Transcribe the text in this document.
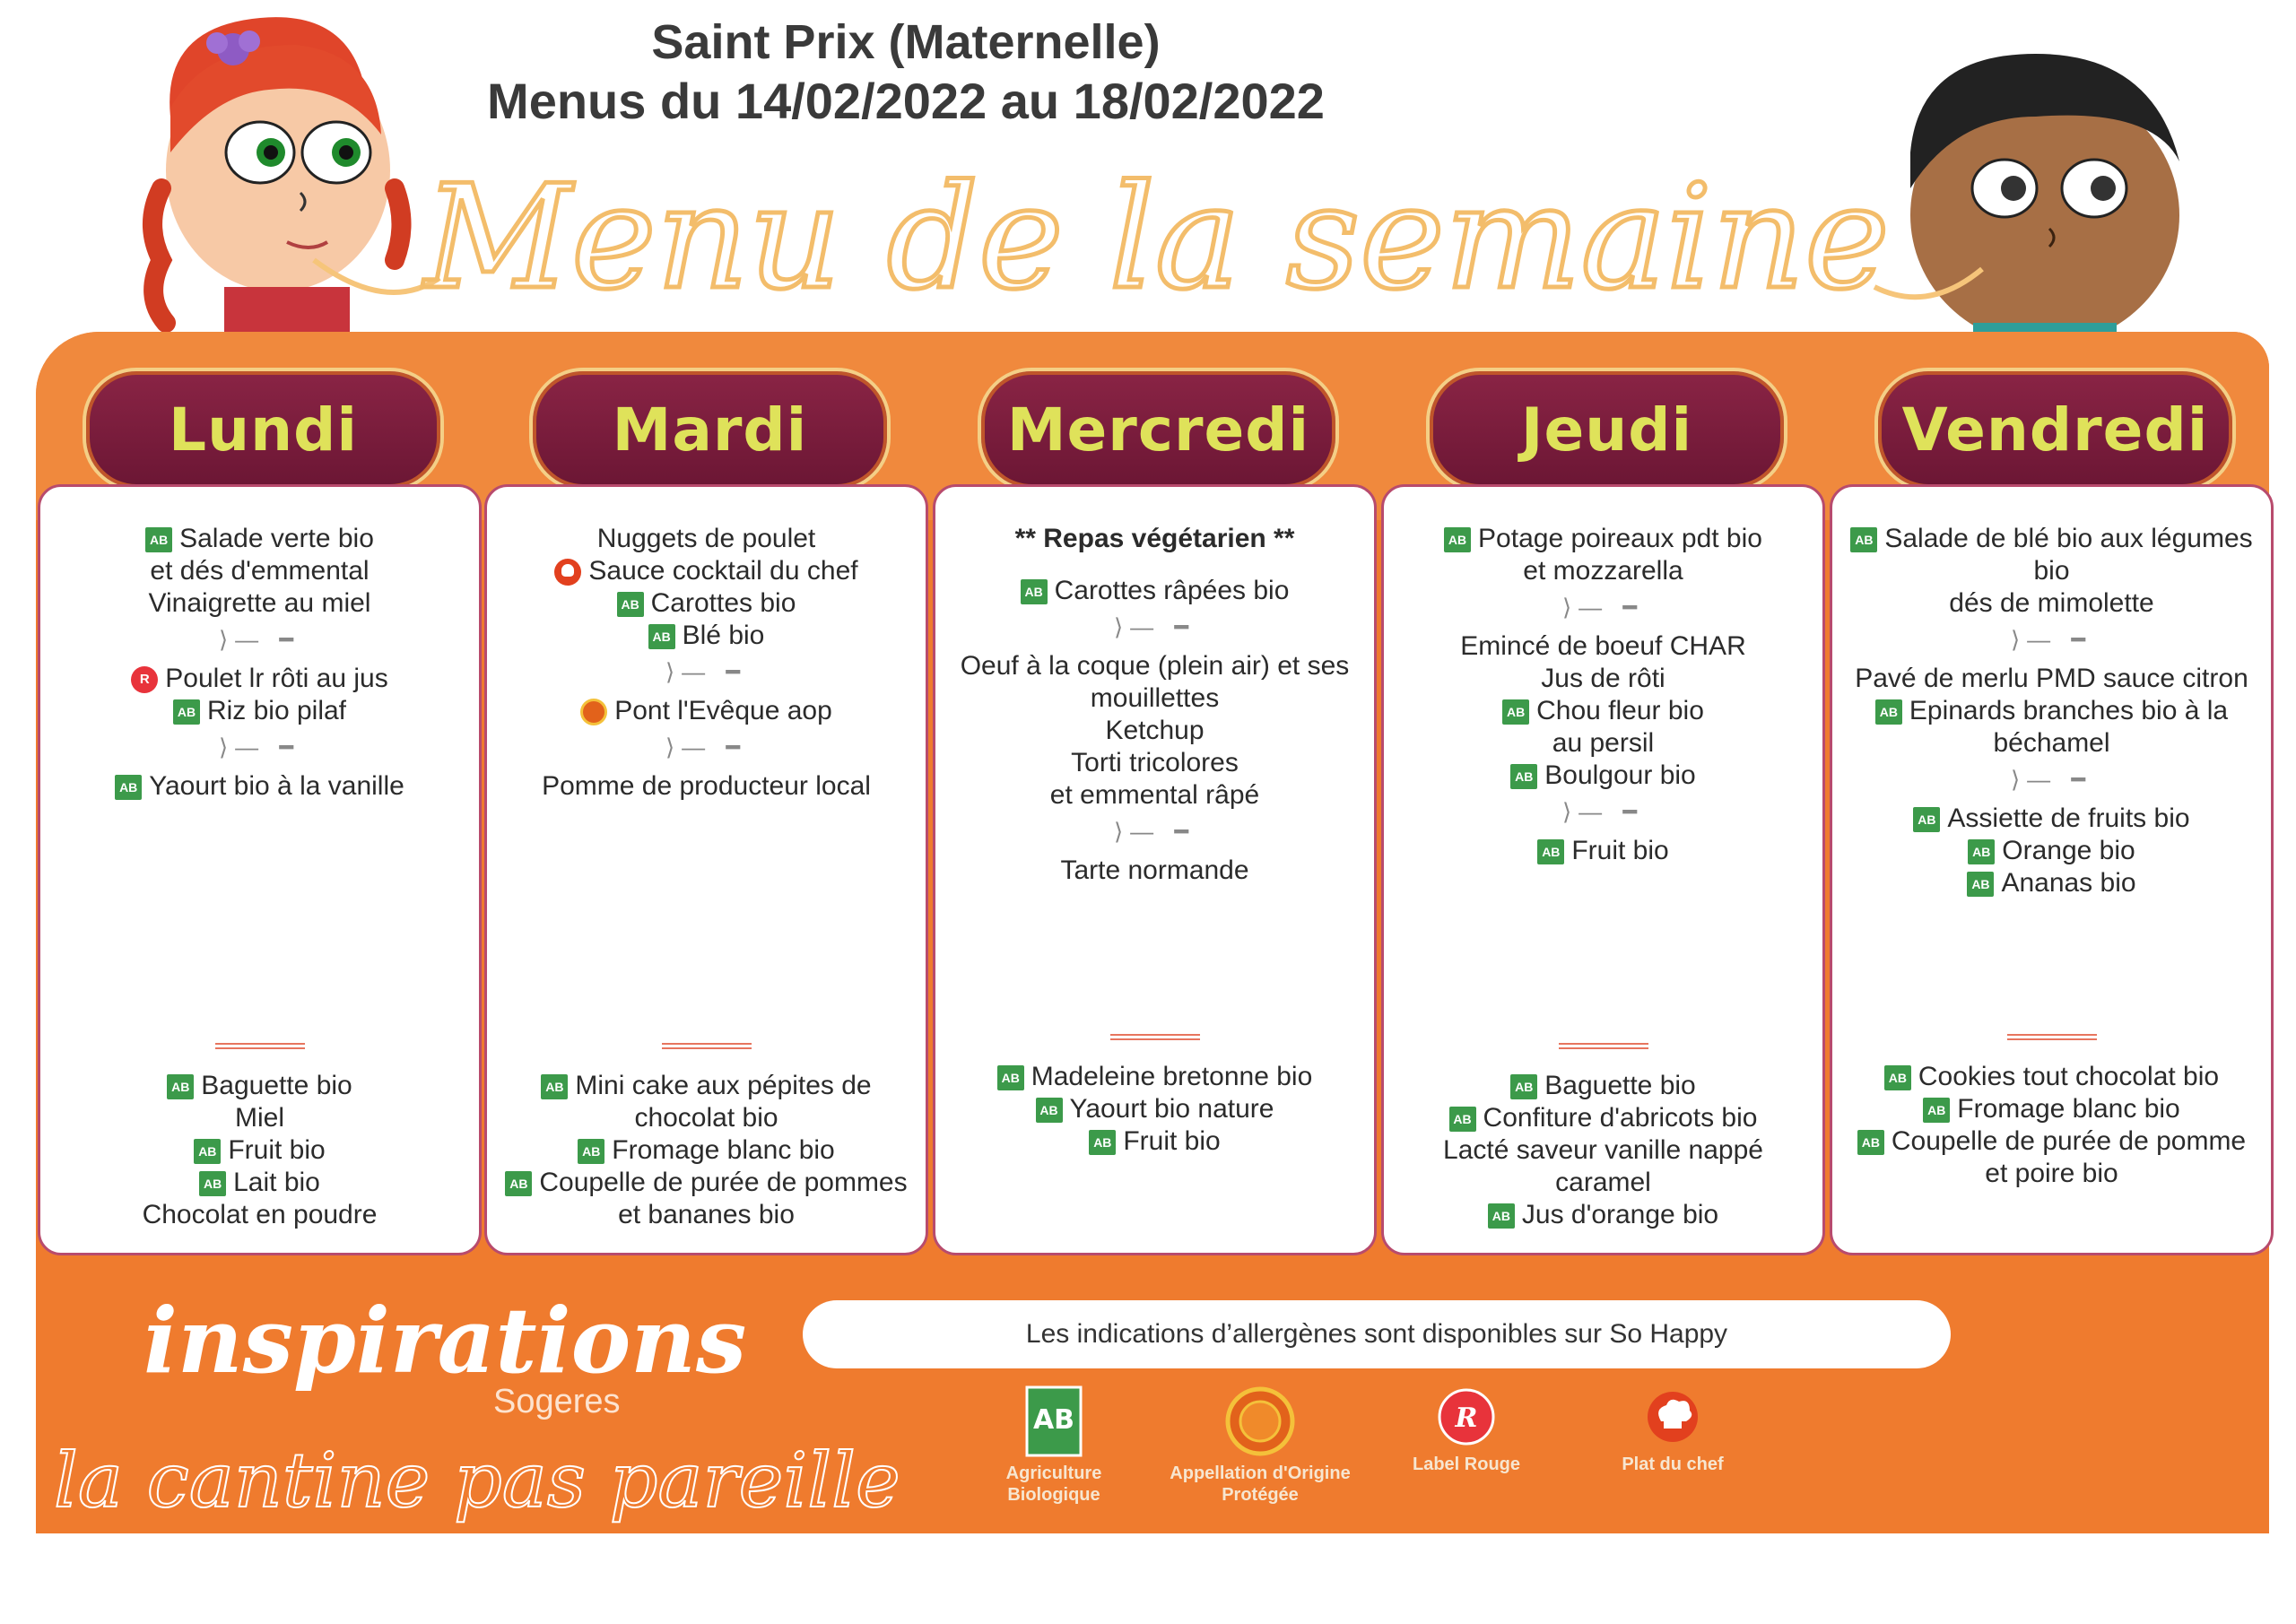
Saint Prix (Maternelle)
Menus du 14/02/2022 au 18/02/2022
Menu de la semaine
Lundi
AB Salade verte bio
et dés d'emmental
Vinaigrette au miel
⟩— ━
R Poulet lr rôti au jus
AB Riz bio pilaf
⟩— ━
AB Yaourt bio à la vanille
AB Baguette bio
Miel
AB Fruit bio
AB Lait bio
Chocolat en poudre
Mardi
Nuggets de poulet
Sauce cocktail du chef
AB Carottes bio
AB Blé bio
⟩— ━
Pont l'Evêque aop
⟩— ━
Pomme de producteur local
AB Mini cake aux pépites de
chocolat bio
AB Fromage blanc bio
AB Coupelle de purée de pommes
et bananes bio
Mercredi
** Repas végétarien **
AB Carottes râpées bio
⟩— ━
Oeuf à la coque (plein air) et ses
mouillettes
Ketchup
Torti tricolores
et emmental râpé
⟩— ━
Tarte normande
AB Madeleine bretonne bio
AB Yaourt bio nature
AB Fruit bio
Jeudi
AB Potage poireaux pdt bio
et mozzarella
⟩— ━
Emincé de boeuf CHAR
Jus de rôti
AB Chou fleur bio
au persil
AB Boulgour bio
⟩— ━
AB Fruit bio
AB Baguette bio
AB Confiture d'abricots bio
Lacté saveur vanille nappé
caramel
AB Jus d'orange bio
Vendredi
AB Salade de blé bio aux légumes
bio
dés de mimolette
⟩— ━
Pavé de merlu PMD sauce citron
AB Epinards branches bio à la
béchamel
⟩— ━
AB Assiette de fruits bio
AB Orange bio
AB Ananas bio
AB Cookies tout chocolat bio
AB Fromage blanc bio
AB Coupelle de purée de pomme
et poire bio
inspirations
Sogeres
la cantine pas pareille
Les indications d’allergènes sont disponibles sur So Happy
AB
Agriculture
Biologique
Appellation d'Origine
Protégée
R
Label Rouge	Plat du chef
